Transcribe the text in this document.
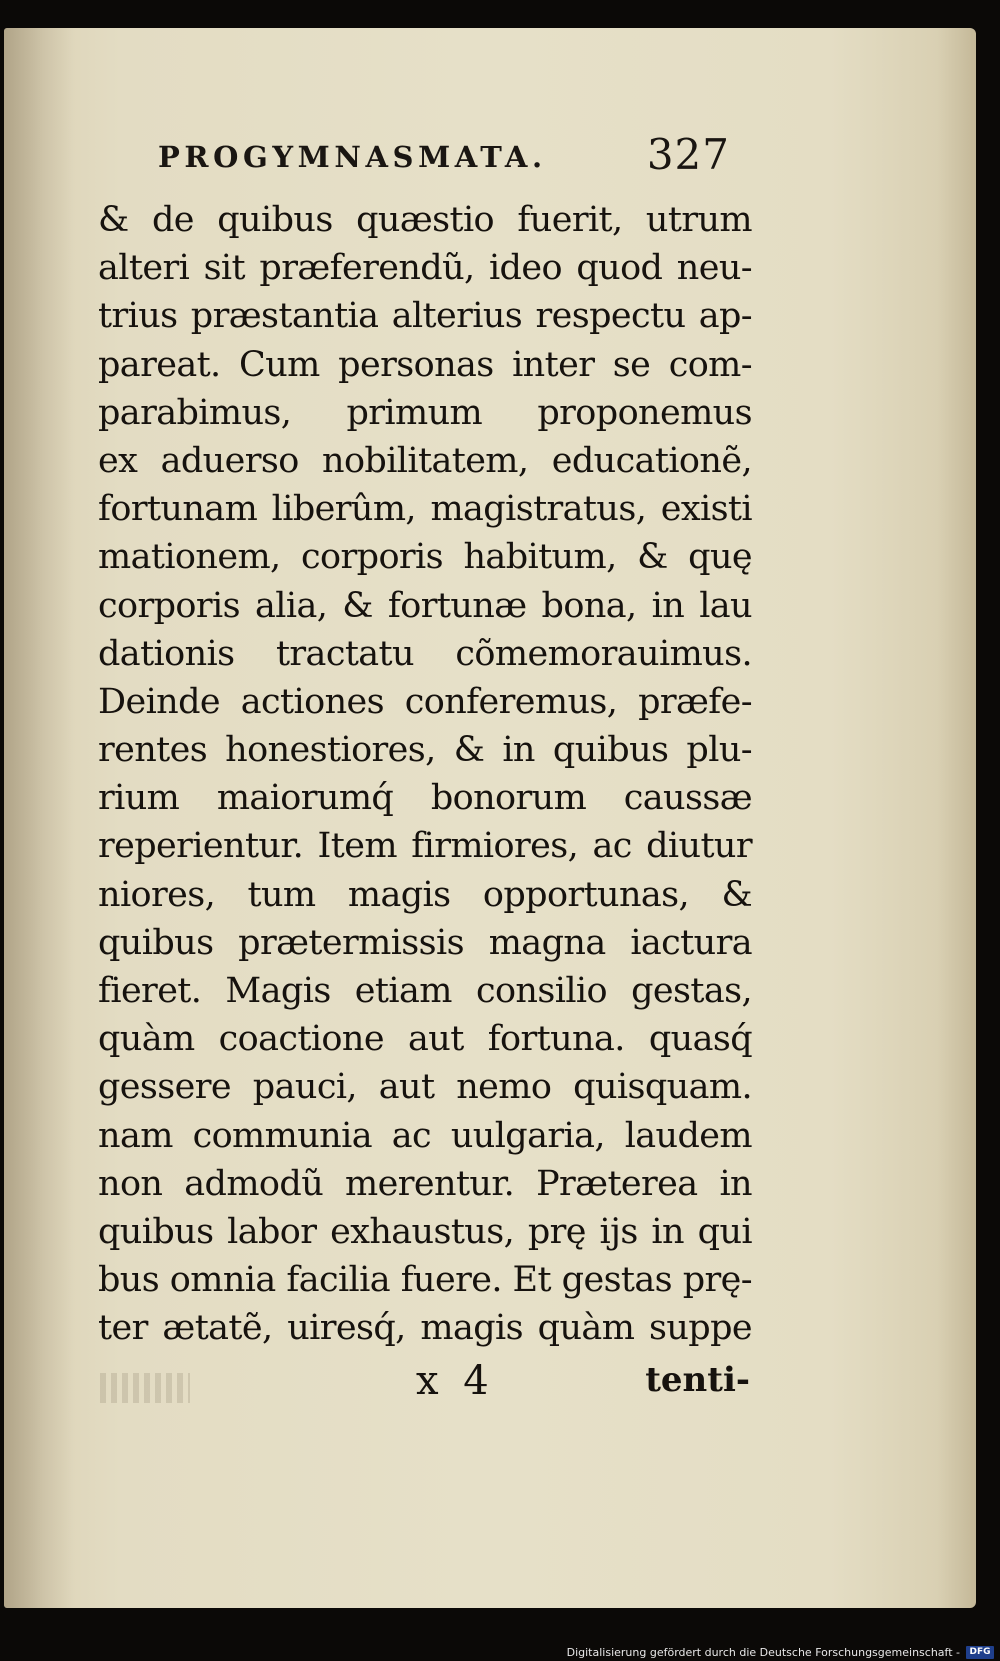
PROGYMNASMATA. 327
& de quibus quæstio fuerit, utrum
alteri sit præferendũ, ideo quod neu-
trius præstantia alterius respectu ap-
pareat. Cum personas inter se com-
parabimus, primum proponemus
ex aduerso nobilitatem, educationẽ,
fortunam liberûm, magistratus, existi
mationem, corporis habitum, & quę
corporis alia, & fortunæ bona, in lau
dationis tractatu cõmemorauimus.
Deinde actiones conferemus, præfe-
rentes honestiores, & in quibus plu-
rium maiorumq́ bonorum caussæ
reperientur. Item firmiores, ac diutur
niores, tum magis opportunas, &
quibus prætermissis magna iactura
fieret. Magis etiam consilio gestas,
quàm coactione aut fortuna. quasq́
gessere pauci, aut nemo quisquam.
nam communia ac uulgaria, laudem
non admodũ merentur. Præterea in
quibus labor exhaustus, prę ijs in qui
bus omnia facilia fuere. Et gestas prę-
ter ætatẽ, uiresq́, magis quàm suppe
x 4	tenti-
Digitalisierung gefördert durch die Deutsche Forschungsgemeinschaft -	DFG
